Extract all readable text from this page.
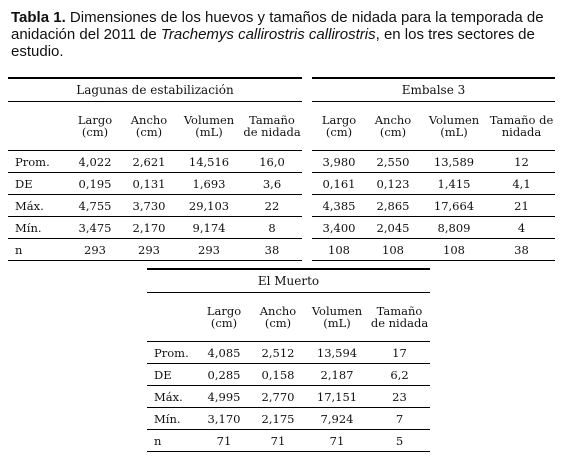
Tabla 1. Dimensiones de los huevos y tamaños de nidada para la temporada de anidación del 2011 de Trachemys callirostris callirostris, en los tres sectores de estudio.
Lagunas de estabilización				
	Largo (cm)	Ancho (cm)	Volumen (mL)	Tamaño de nidada
Prom.	4,022	2,621	14,516	16,0
DE	0,195	0,131	1,693	3,6
Máx.	4,755	3,730	29,103	22
Mín.	3,475	2,170	9,174	8
n	293	293	293	38
Embalse 3			
Largo (cm)	Ancho (cm)	Volumen (mL)	Tamaño de nidada
3,980	2,550	13,589	12
0,161	0,123	1,415	4,1
4,385	2,865	17,664	21
3,400	2,045	8,809	4
108	108	108	38
El Muerto				
	Largo (cm)	Ancho (cm)	Volumen (mL)	Tamaño de nidada
Prom.	4,085	2,512	13,594	17
DE	0,285	0,158	2,187	6,2
Máx.	4,995	2,770	17,151	23
Mín.	3,170	2,175	7,924	7
n	71	71	71	5
